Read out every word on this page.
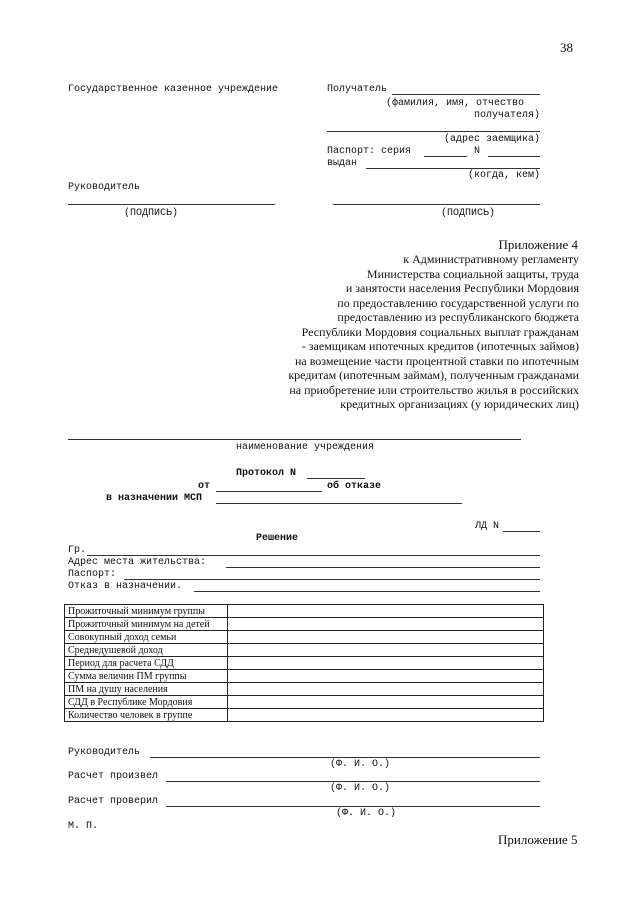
38
Государственное казенное учреждение
Руководитель
(ПОДПИСЬ)
Получатель
(фамилия, имя, отчество
получателя)
(адрес заемщика)
Паспорт: серия	N
выдан
(когда, кем)
(ПОДПИСЬ)
Приложение 4
к Административному регламенту
Министерства социальной защиты, труда
и занятости населения Республики Мордовия
по предоставлению государственной услуги по
предоставлению из республиканского бюджета
Республики Мордовия социальных выплат гражданам
- заемщикам ипотечных кредитов (ипотечных займов)
на возмещение части процентной ставки по ипотечным
кредитам (ипотечным займам), полученным гражданами
на приобретение или строительство жилья в российских
кредитных организациях (у юридических лиц)
наименование учреждения
Протокол N
от	об отказе
в назначении МСП
ЛД N
Решение
Гр.
Адрес места жительства:
Паспорт:
Отказ в назначении.
Прожиточный минимум группы	
Прожиточный минимум на детей	
Совокупный доход семьи	
Среднедушевой доход	
Период для расчета СДД	
Сумма величин ПМ группы	
ПМ на душу населения	
СДД в Республике Мордовия	
Количество человек в группе	
Руководитель
(Ф. И. О.)
Расчет произвел
(Ф. И. О.)
Расчет проверил
(Ф. И. О.)
М. П.
Приложение 5
